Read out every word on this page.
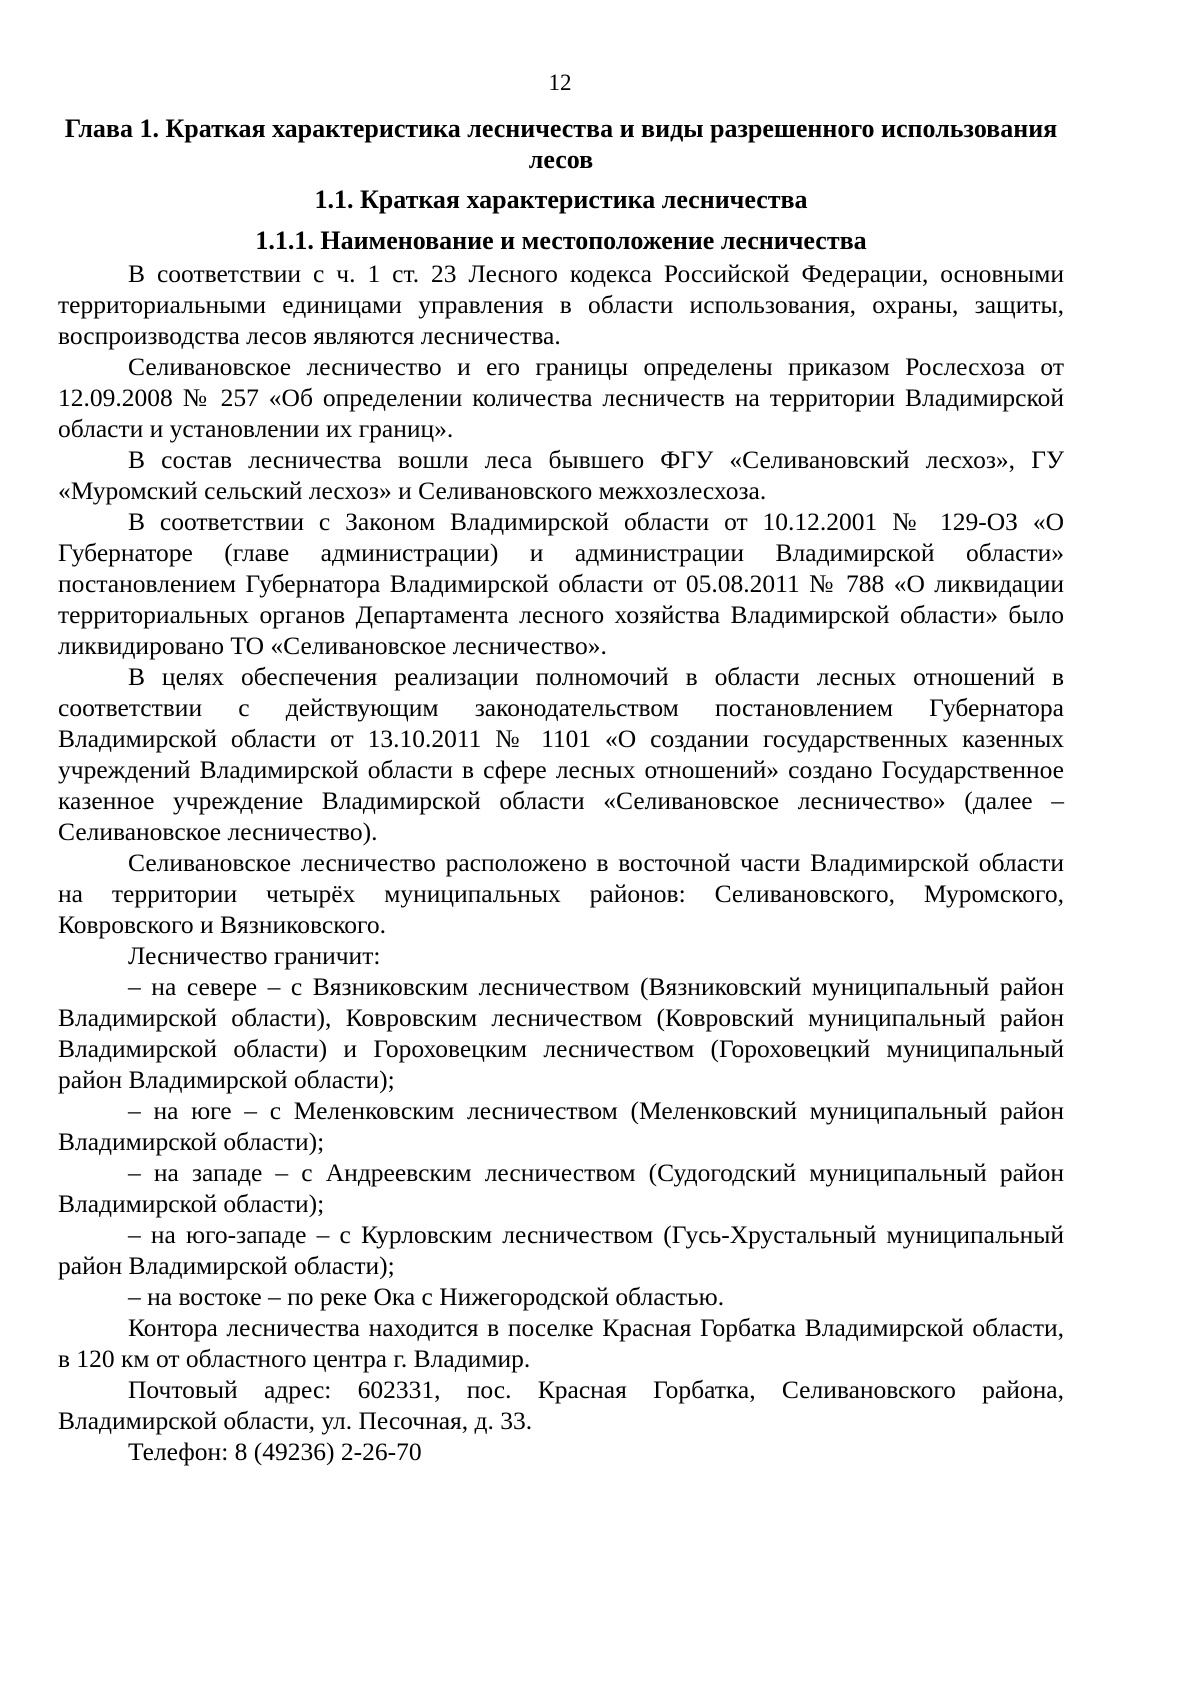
12
Глава 1. Краткая характеристика лесничества и виды разрешенного использования лесов
1.1. Краткая характеристика лесничества
1.1.1. Наименование и местоположение лесничества

В соответствии с ч. 1 ст. 23 Лесного кодекса Российской Федерации, основными территориальными единицами управления в области использования, охраны, защиты, воспроизводства лесов являются лесничества.

Селивановское лесничество и его границы определены приказом Рослесхоза от 12.09.2008 № 257 «Об определении количества лесничеств на территории Владимирской области и установлении их границ».

В состав лесничества вошли леса бывшего ФГУ «Селивановский лесхоз», ГУ «Муромский сельский лесхоз» и Селивановского межхозлесхоза.

В соответствии с Законом Владимирской области от 10.12.2001 № 129-ОЗ «О Губернаторе (главе администрации) и администрации Владимирской области» постановлением Губернатора Владимирской области от 05.08.2011 № 788 «О ликвидации территориальных органов Департамента лесного хозяйства Владимирской области» было ликвидировано ТО «Селивановское лесничество».

В целях обеспечения реализации полномочий в области лесных отношений в соответствии с действующим законодательством постановлением Губернатора Владимирской области от 13.10.2011 № 1101 «О создании государственных казенных учреждений Владимирской области в сфере лесных отношений» создано Государственное казенное учреждение Владимирской области «Селивановское лесничество» (далее – Селивановское лесничество).

Селивановское лесничество расположено в восточной части Владимирской области на территории четырёх муниципальных районов: Селивановского, Муромского, Ковровского и Вязниковского.

Лесничество граничит:

– на севере – с Вязниковским лесничеством (Вязниковский муниципальный район Владимирской области), Ковровским лесничеством (Ковровский муниципальный район Владимирской области) и Гороховецким лесничеством (Гороховецкий муниципальный район Владимирской области);

– на юге – с Меленковским лесничеством (Меленковский муниципальный район Владимирской области);

– на западе – с Андреевским лесничеством (Судогодский муниципальный район Владимирской области);

– на юго-западе – с Курловским лесничеством (Гусь-Хрустальный муниципальный район Владимирской области);

– на востоке – по реке Ока с Нижегородской областью.

Контора лесничества находится в поселке Красная Горбатка Владимирской области, в 120 км от областного центра г. Владимир.

Почтовый адрес: 602331, пос. Красная Горбатка, Селивановского района, Владимирской области, ул. Песочная, д. 33.

Телефон: 8 (49236) 2-26-70
